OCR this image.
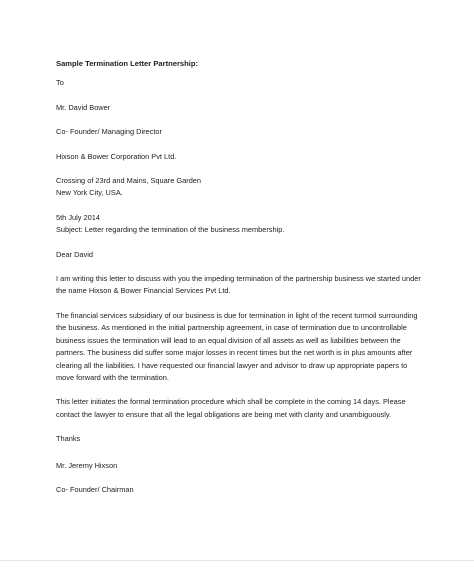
Sample Termination Letter Partnership:

To

Mr. David Bower

Co- Founder/ Managing Director

Hixson & Bower Corporation Pvt Ltd.

Crossing of 23rd and Mains, Square Garden

New York City, USA.

5th July 2014

Subject: Letter regarding the termination of the business membership.

Dear David

I am writing this letter to discuss with you the impeding termination of the partnership business we started under the name Hixson & Bower Financial Services Pvt Ltd.

The financial services subsidiary of our business is due for termination in light of the recent turmoil surrounding the business. As mentioned in the initial partnership agreement, in case of termination due to uncontrollable business issues the termination will lead to an equal division of all assets as well as liabilities between the partners. The business did suffer some major losses in recent times but the net worth is in plus amounts after clearing all the liabilities. I have requested our financial lawyer and advisor to draw up appropriate papers to move forward with the termination.

This letter initiates the formal termination procedure which shall be complete in the coming 14 days. Please contact the lawyer to ensure that all the legal obligations are being met with clarity and unambiguously.

Thanks

Mr. Jeremy Hixson

Co- Founder/ Chairman
